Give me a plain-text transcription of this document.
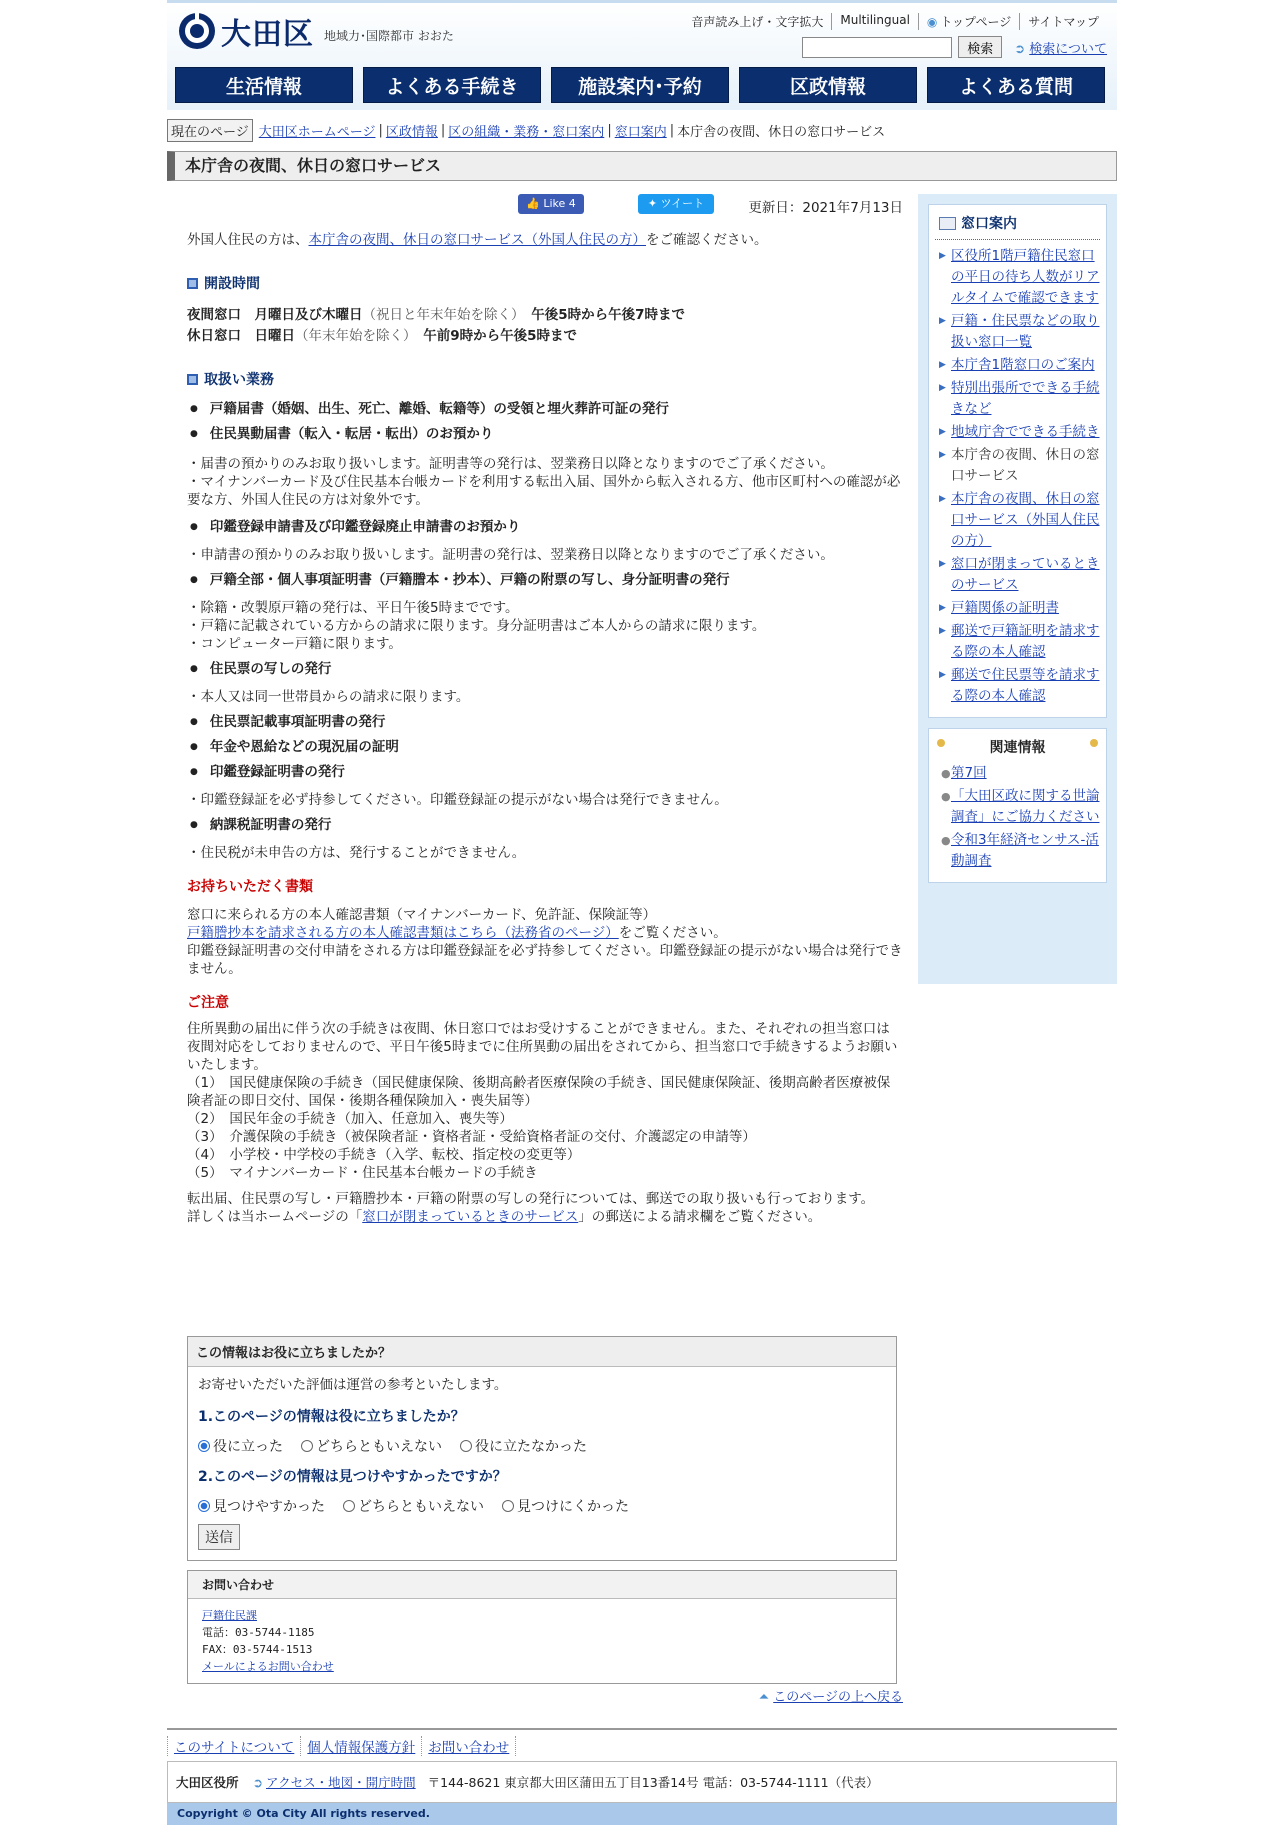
大田区 地域力･国際都市 おおた
音声読み上げ・文字拡大	Multilingual	◉ トップページ	サイトマップ
検索	➲ 検索について
生活情報	よくある手続き	施設案内･予約	区政情報	よくある質問
現在のページ 大田区ホームページ | 区政情報 | 区の組織・業務・窓口案内 | 窓口案内 | 本庁舎の夜間、休日の窓口サービス
本庁舎の夜間、休日の窓口サービス
👍 Like 4	✦ ツイート	更新日：2021年7月13日

外国人住民の方は、本庁舎の夜間、休日の窓口サービス（外国人住民の方）をご確認ください。

開設時間
夜間窓口　月曜日及び木曜日（祝日と年末年始を除く）　午後5時から午後7時まで
休日窓口　日曜日（年末年始を除く）　午前9時から午後5時まで
取扱い業務
● 戸籍届書（婚姻、出生、死亡、離婚、転籍等）の受領と埋火葬許可証の発行
● 住民異動届書（転入・転居・転出）のお預かり

・届書の預かりのみお取り扱いします。証明書等の発行は、翌業務日以降となりますのでご了承ください。

・マイナンバーカード及び住民基本台帳カードを利用する転出入届、国外から転入される方、他市区町村への確認が必要な方、外国人住民の方は対象外です。

● 印鑑登録申請書及び印鑑登録廃止申請書のお預かり

・申請書の預かりのみお取り扱いします。証明書の発行は、翌業務日以降となりますのでご了承ください。

● 戸籍全部・個人事項証明書（戸籍謄本・抄本）、戸籍の附票の写し、身分証明書の発行

・除籍・改製原戸籍の発行は、平日午後5時までです。

・戸籍に記載されている方からの請求に限ります。身分証明書はご本人からの請求に限ります。

・コンピューター戸籍に限ります。

● 住民票の写しの発行

・本人又は同一世帯員からの請求に限ります。

● 住民票記載事項証明書の発行
● 年金や恩給などの現況届の証明
● 印鑑登録証明書の発行

・印鑑登録証を必ず持参してください。印鑑登録証の提示がない場合は発行できません。

● 納課税証明書の発行

・住民税が未申告の方は、発行することができません。

お持ちいただく書類

窓口に来られる方の本人確認書類（マイナンバーカード、免許証、保険証等）

戸籍謄抄本を請求される方の本人確認書類はこちら（法務省のページ）をご覧ください。

印鑑登録証明書の交付申請をされる方は印鑑登録証を必ず持参してください。印鑑登録証の提示がない場合は発行できません。

ご注意

住所異動の届出に伴う次の手続きは夜間、休日窓口ではお受けすることができません。また、それぞれの担当窓口は夜間対応をしておりませんので、平日午後5時までに住所異動の届出をされてから、担当窓口で手続きするようお願いいたします。

（1）　国民健康保険の手続き（国民健康保険、後期高齢者医療保険の手続き、国民健康保険証、後期高齢者医療被保険者証の即日交付、国保・後期各種保険加入・喪失届等）

（2）　国民年金の手続き（加入、任意加入、喪失等）

（3）　介護保険の手続き（被保険者証・資格者証・受給資格者証の交付、介護認定の申請等）

（4）　小学校・中学校の手続き（入学、転校、指定校の変更等）

（5）　マイナンバーカード・住民基本台帳カードの手続き

転出届、住民票の写し・戸籍謄抄本・戸籍の附票の写しの発行については、郵送での取り扱いも行っております。

詳しくは当ホームページの「窓口が閉まっているときのサービス」の郵送による請求欄をご覧ください。

この情報はお役に立ちましたか？

お寄せいただいた評価は運営の参考といたします。

1.このページの情報は役に立ちましたか？
役に立った	どちらともいえない	役に立たなかった
2.このページの情報は見つけやすかったですか？
見つけやすかった	どちらともいえない	見つけにくかった
送信
お問い合わせ
戸籍住民課
電話：03-5744-1185
FAX：03-5744-1513
メールによるお問い合わせ
⏶ このページの上へ戻る
窓口案内
▶ 区役所1階戸籍住民窓口の平日の待ち人数がリアルタイムで確認できます
▶ 戸籍・住民票などの取り扱い窓口一覧
▶ 本庁舎1階窓口のご案内
▶ 特別出張所でできる手続きなど
▶ 地域庁舎でできる手続き
▶ 本庁舎の夜間、休日の窓口サービス
▶ 本庁舎の夜間、休日の窓口サービス（外国人住民の方）
▶ 窓口が閉まっているときのサービス
▶ 戸籍関係の証明書
▶ 郵送で戸籍証明を請求する際の本人確認
▶ 郵送で住民票等を請求する際の本人確認
関連情報
● 第7回
● 「大田区政に関する世論調査」にご協力ください
● 令和3年経済センサス‐活動調査
このサイトについて 個人情報保護方針 お問い合わせ
大田区役所 ➲ アクセス・地図・開庁時間 〒144-8621 東京都大田区蒲田五丁目13番14号 電話：03-5744-1111（代表）
Copyright © Ota City All rights reserved.
